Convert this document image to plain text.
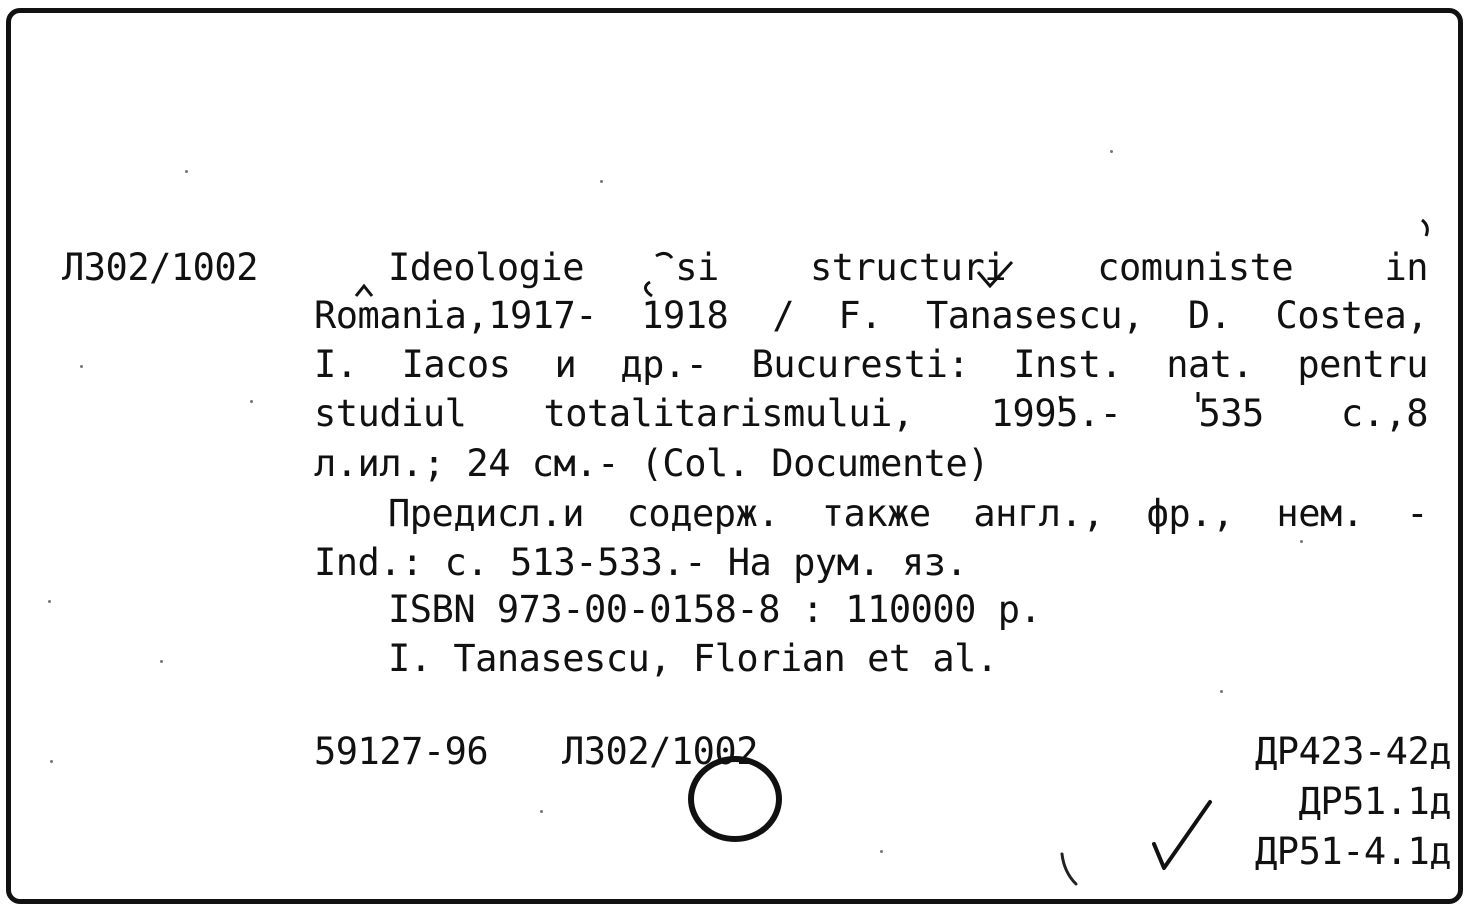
Л302/1002	Ideologie si structuri comuniste in
Romania,1917- 1918 / F. Tanasescu, D. Costea,
I. Iacos и др.- Bucuresti: Inst. nat. pentru
studiul totalitarismului, 1995.- 535 с.,8
л.ил.; 24 см.- (Col. Documente)
Предисл.и содерж. также англ., фр., нем. -
Ind.: с. 513-533.- На рум. яз.
ISBN 973-00-0158-8 : 110000 р.
I. Tanasescu, Florian et al.
59127-96 Л302/1002	ДР423-42д
ДР51.1д
ДР51-4.1д
